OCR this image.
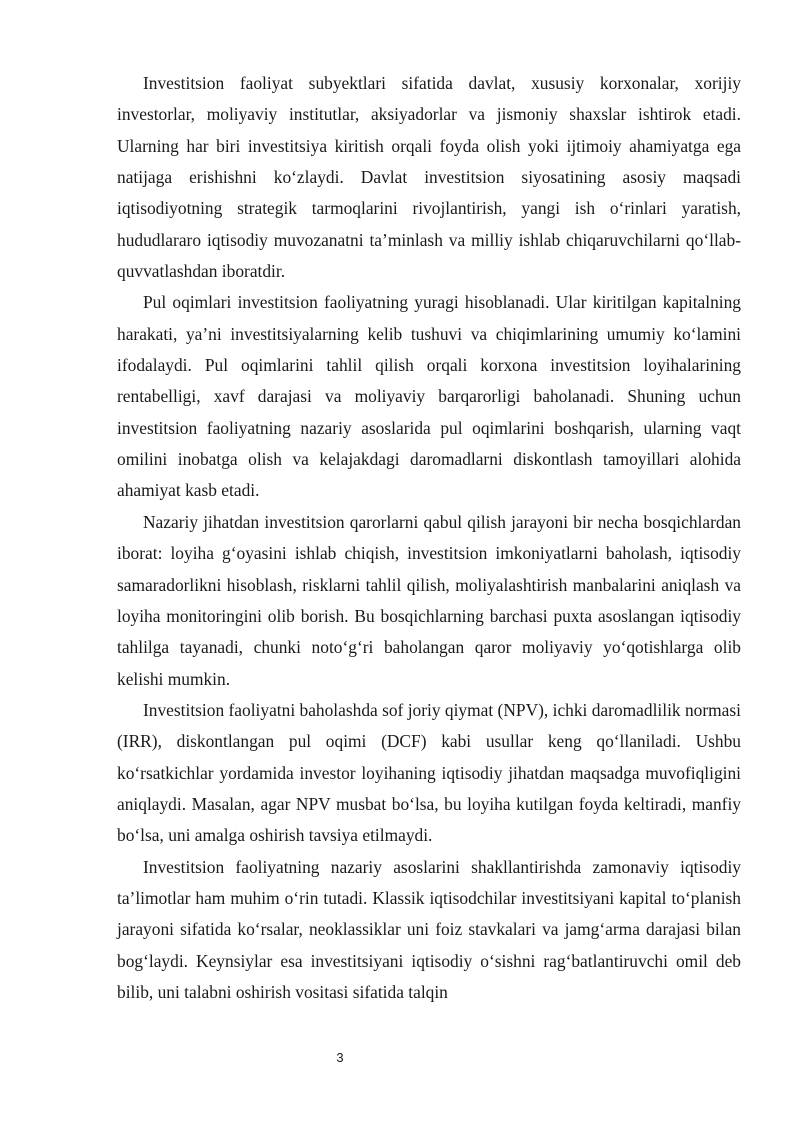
Investitsion faoliyat subyektlari sifatida davlat, xususiy korxonalar, xorijiy investorlar, moliyaviy institutlar, aksiyadorlar va jismoniy shaxslar ishtirok etadi. Ularning har biri investitsiya kiritish orqali foyda olish yoki ijtimoiy ahamiyatga ega natijaga erishishni ko‘zlaydi. Davlat investitsion siyosatining asosiy maqsadi iqtisodiyotning strategik tarmoqlarini rivojlantirish, yangi ish o‘rinlari yaratish, hududlararo iqtisodiy muvozanatni ta’minlash va milliy ishlab chiqaruvchilarni qo‘llab-quvvatlashdan iboratdir.

Pul oqimlari investitsion faoliyatning yuragi hisoblanadi. Ular kiritilgan kapitalning harakati, ya’ni investitsiyalarning kelib tushuvi va chiqimlarining umumiy ko‘lamini ifodalaydi. Pul oqimlarini tahlil qilish orqali korxona investitsion loyihalarining rentabelligi, xavf darajasi va moliyaviy barqarorligi baholanadi. Shuning uchun investitsion faoliyatning nazariy asoslarida pul oqimlarini boshqarish, ularning vaqt omilini inobatga olish va kelajakdagi daromadlarni diskontlash tamoyillari alohida ahamiyat kasb etadi.

Nazariy jihatdan investitsion qarorlarni qabul qilish jarayoni bir necha bosqichlardan iborat: loyiha g‘oyasini ishlab chiqish, investitsion imkoniyatlarni baholash, iqtisodiy samaradorlikni hisoblash, risklarni tahlil qilish, moliyalashtirish manbalarini aniqlash va loyiha monitoringini olib borish. Bu bosqichlarning barchasi puxta asoslangan iqtisodiy tahlilga tayanadi, chunki noto‘g‘ri baholangan qaror moliyaviy yo‘qotishlarga olib kelishi mumkin.

Investitsion faoliyatni baholashda sof joriy qiymat (NPV), ichki daromadlilik normasi (IRR), diskontlangan pul oqimi (DCF) kabi usullar keng qo‘llaniladi. Ushbu ko‘rsatkichlar yordamida investor loyihaning iqtisodiy jihatdan maqsadga muvofiqligini aniqlaydi. Masalan, agar NPV musbat bo‘lsa, bu loyiha kutilgan foyda keltiradi, manfiy bo‘lsa, uni amalga oshirish tavsiya etilmaydi.

Investitsion faoliyatning nazariy asoslarini shakllantirishda zamonaviy iqtisodiy ta’limotlar ham muhim o‘rin tutadi. Klassik iqtisodchilar investitsiyani kapital to‘planish jarayoni sifatida ko‘rsalar, neoklassiklar uni foiz stavkalari va jamg‘arma darajasi bilan bog‘laydi. Keynsiylar esa investitsiyani iqtisodiy o‘sishni rag‘batlantiruvchi omil deb bilib, uni talabni oshirish vositasi sifatida talqin

3
